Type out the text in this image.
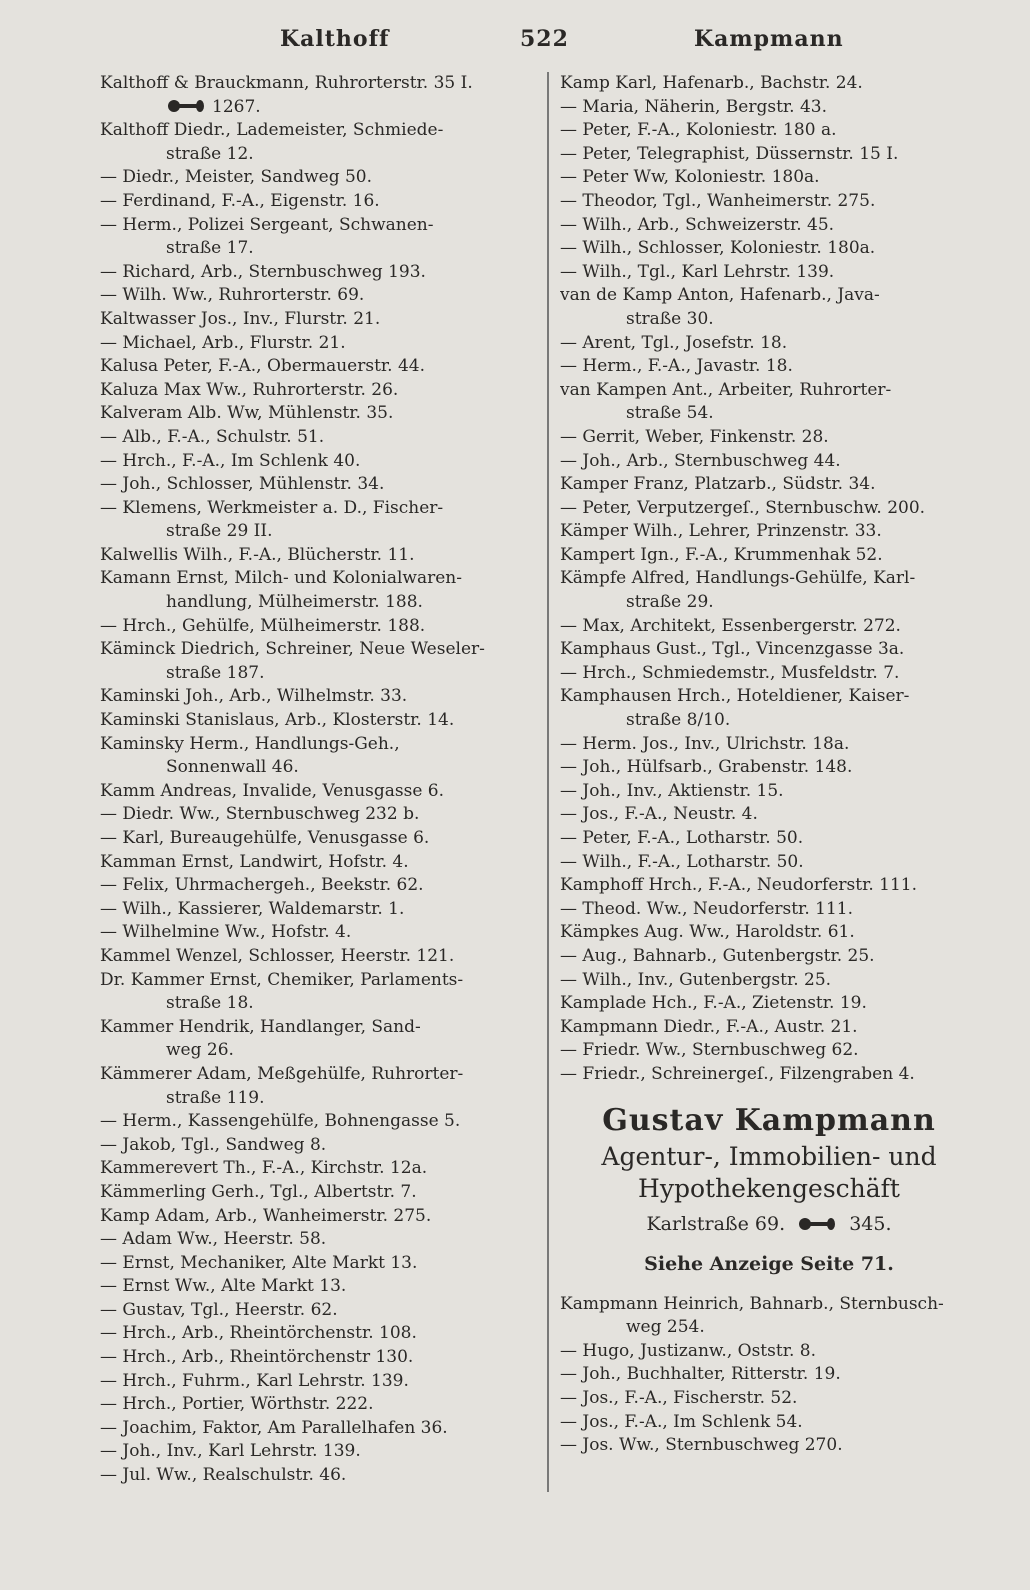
Kalthoff	522	Kampmann
Kalthoff & Brauckmann, Ruhrorterstr. 35 I.
1267.
Kalthoff Diedr., Lademeister, Schmiede-
straße 12.
— Diedr., Meister, Sandweg 50.
— Ferdinand, F.-A., Eigenstr. 16.
— Herm., Polizei Sergeant, Schwanen-
straße 17.
— Richard, Arb., Sternbuschweg 193.
— Wilh. Ww., Ruhrorterstr. 69.
Kaltwasser Jos., Inv., Flurstr. 21.
— Michael, Arb., Flurstr. 21.
Kalusa Peter, F.-A., Obermauerstr. 44.
Kaluza Max Ww., Ruhrorterstr. 26.
Kalveram Alb. Ww, Mühlenstr. 35.
— Alb., F.-A., Schulstr. 51.
— Hrch., F.-A., Im Schlenk 40.
— Joh., Schlosser, Mühlenstr. 34.
— Klemens, Werkmeister a. D., Fischer-
straße 29 II.
Kalwellis Wilh., F.-A., Blücherstr. 11.
Kamann Ernst, Milch- und Kolonialwaren-
handlung, Mülheimerstr. 188.
— Hrch., Gehülfe, Mülheimerstr. 188.
Käminck Diedrich, Schreiner, Neue Weseler-
straße 187.
Kaminski Joh., Arb., Wilhelmstr. 33.
Kaminski Stanislaus, Arb., Klosterstr. 14.
Kaminsky Herm., Handlungs-Geh.,
Sonnenwall 46.
Kamm Andreas, Invalide, Venusgasse 6.
— Diedr. Ww., Sternbuschweg 232 b.
— Karl, Bureaugehülfe, Venusgasse 6.
Kamman Ernst, Landwirt, Hofstr. 4.
— Felix, Uhrmachergeh., Beekstr. 62.
— Wilh., Kassierer, Waldemarstr. 1.
— Wilhelmine Ww., Hofstr. 4.
Kammel Wenzel, Schlosser, Heerstr. 121.
Dr. Kammer Ernst, Chemiker, Parlaments-
straße 18.
Kammer Hendrik, Handlanger, Sand-
weg 26.
Kämmerer Adam, Meßgehülfe, Ruhrorter-
straße 119.
— Herm., Kassengehülfe, Bohnengasse 5.
— Jakob, Tgl., Sandweg 8.
Kammerevert Th., F.-A., Kirchstr. 12a.
Kämmerling Gerh., Tgl., Albertstr. 7.
Kamp Adam, Arb., Wanheimerstr. 275.
— Adam Ww., Heerstr. 58.
— Ernst, Mechaniker, Alte Markt 13.
— Ernst Ww., Alte Markt 13.
— Gustav, Tgl., Heerstr. 62.
— Hrch., Arb., Rheintörchenstr. 108.
— Hrch., Arb., Rheintörchenstr 130.
— Hrch., Fuhrm., Karl Lehrstr. 139.
— Hrch., Portier, Wörthstr. 222.
— Joachim, Faktor, Am Parallelhafen 36.
— Joh., Inv., Karl Lehrstr. 139.
— Jul. Ww., Realschulstr. 46.
Kamp Karl, Hafenarb., Bachstr. 24.
— Maria, Näherin, Bergstr. 43.
— Peter, F.-A., Koloniestr. 180 a.
— Peter, Telegraphist, Düssernstr. 15 I.
— Peter Ww, Koloniestr. 180a.
— Theodor, Tgl., Wanheimerstr. 275.
— Wilh., Arb., Schweizerstr. 45.
— Wilh., Schlosser, Koloniestr. 180a.
— Wilh., Tgl., Karl Lehrstr. 139.
van de Kamp Anton, Hafenarb., Java-
straße 30.
— Arent, Tgl., Josefstr. 18.
— Herm., F.-A., Javastr. 18.
van Kampen Ant., Arbeiter, Ruhrorter-
straße 54.
— Gerrit, Weber, Finkenstr. 28.
— Joh., Arb., Sternbuschweg 44.
Kamper Franz, Platzarb., Südstr. 34.
— Peter, Verputzergeſ., Sternbuschw. 200.
Kämper Wilh., Lehrer, Prinzenstr. 33.
Kampert Ign., F.-A., Krummenhak 52.
Kämpfe Alfred, Handlungs-Gehülfe, Karl-
straße 29.
— Max, Architekt, Essenbergerstr. 272.
Kamphaus Gust., Tgl., Vincenzgasse 3a.
— Hrch., Schmiedemstr., Musfeldstr. 7.
Kamphausen Hrch., Hoteldiener, Kaiser-
straße 8/10.
— Herm. Jos., Inv., Ulrichstr. 18a.
— Joh., Hülfsarb., Grabenstr. 148.
— Joh., Inv., Aktienstr. 15.
— Jos., F.-A., Neustr. 4.
— Peter, F.-A., Lotharstr. 50.
— Wilh., F.-A., Lotharstr. 50.
Kamphoff Hrch., F.-A., Neudorferstr. 111.
— Theod. Ww., Neudorferstr. 111.
Kämpkes Aug. Ww., Haroldstr. 61.
— Aug., Bahnarb., Gutenbergstr. 25.
— Wilh., Inv., Gutenbergstr. 25.
Kamplade Hch., F.-A., Zietenstr. 19.
Kampmann Diedr., F.-A., Austr. 21.
— Friedr. Ww., Sternbuschweg 62.
— Friedr., Schreinergeſ., Filzengraben 4.
Gustav Kampmann
Agentur-, Immobilien- und
Hypothekengeschäft
Karlstraße 69.	345.
Siehe Anzeige Seite 71.
Kampmann Heinrich, Bahnarb., Sternbusch-
weg 254.
— Hugo, Justizanw., Oststr. 8.
— Joh., Buchhalter, Ritterstr. 19.
— Jos., F.-A., Fischerstr. 52.
— Jos., F.-A., Im Schlenk 54.
— Jos. Ww., Sternbuschweg 270.
